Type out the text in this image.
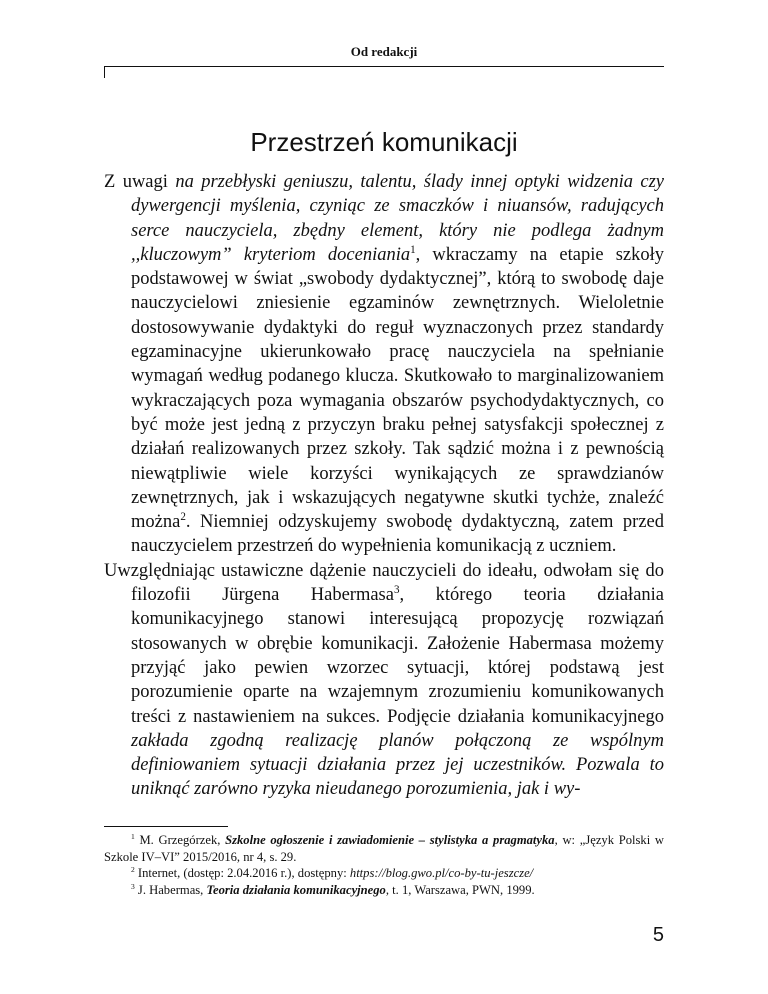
Od redakcji
Przestrzeń komunikacji

Z uwagi na przebłyski geniuszu, talentu, ślady innej optyki widzenia czy dywergencji myślenia, czyniąc ze smaczków i niuansów, radujących serce nauczyciela, zbędny element, który nie podlega żadnym ,,kluczowym” kryteriom doceniania$^1$, wkraczamy na etapie szkoły podstawowej w świat „swobody dydaktycznej”, którą to swobodę daje nauczycielowi zniesienie egzaminów zewnętrznych. Wieloletnie dostosowywanie dydaktyki do reguł wyznaczonych przez standardy egzaminacyjne ukierunkowało pracę nauczyciela na spełnianie wymagań według podanego klucza. Skutkowało to marginalizowaniem wykraczających poza wymagania obszarów psychodydaktycznych, co być może jest jedną z przyczyn braku pełnej satysfakcji społecznej z działań realizowanych przez szkoły. Tak sądzić można i z pewnością niewątpliwie wiele korzyści wynikających ze sprawdzianów zewnętrznych, jak i wskazujących negatywne skutki tychże, znaleźć można$^2$. Niemniej odzyskujemy swobodę dydaktyczną, zatem przed nauczycielem przestrzeń do wypełnienia komunikacją z uczniem.

Uwzględniając ustawiczne dążenie nauczycieli do ideału, odwołam się do filozofii Jürgena Habermasa$^3$, którego teoria działania komunikacyjnego stanowi interesującą propozycję rozwiązań stosowanych w obrębie komunikacji. Założenie Habermasa możemy przyjąć jako pewien wzorzec sytuacji, której podstawą jest porozumienie oparte na wzajemnym zrozumieniu komunikowanych treści z nastawieniem na sukces. Podjęcie działania komunikacyjnego zakłada zgodną realizację planów połączoną ze wspólnym definiowaniem sytuacji działania przez jej uczestników. Pozwala to uniknąć zarówno ryzyka nieudanego porozumienia, jak i wy-

$^1$ M. Grzegórzek, Szkolne ogłoszenie i zawiadomienie – stylistyka a pragmatyka, w: „Język Polski w Szkole IV–VI” 2015/2016, nr 4, s. 29.

$^2$ Internet, (dostęp: 2.04.2016 r.), dostępny: https://blog.gwo.pl/co-by-tu-jeszcze/

$^3$ J. Habermas, Teoria działania komunikacyjnego, t. 1, Warszawa, PWN, 1999.

5
